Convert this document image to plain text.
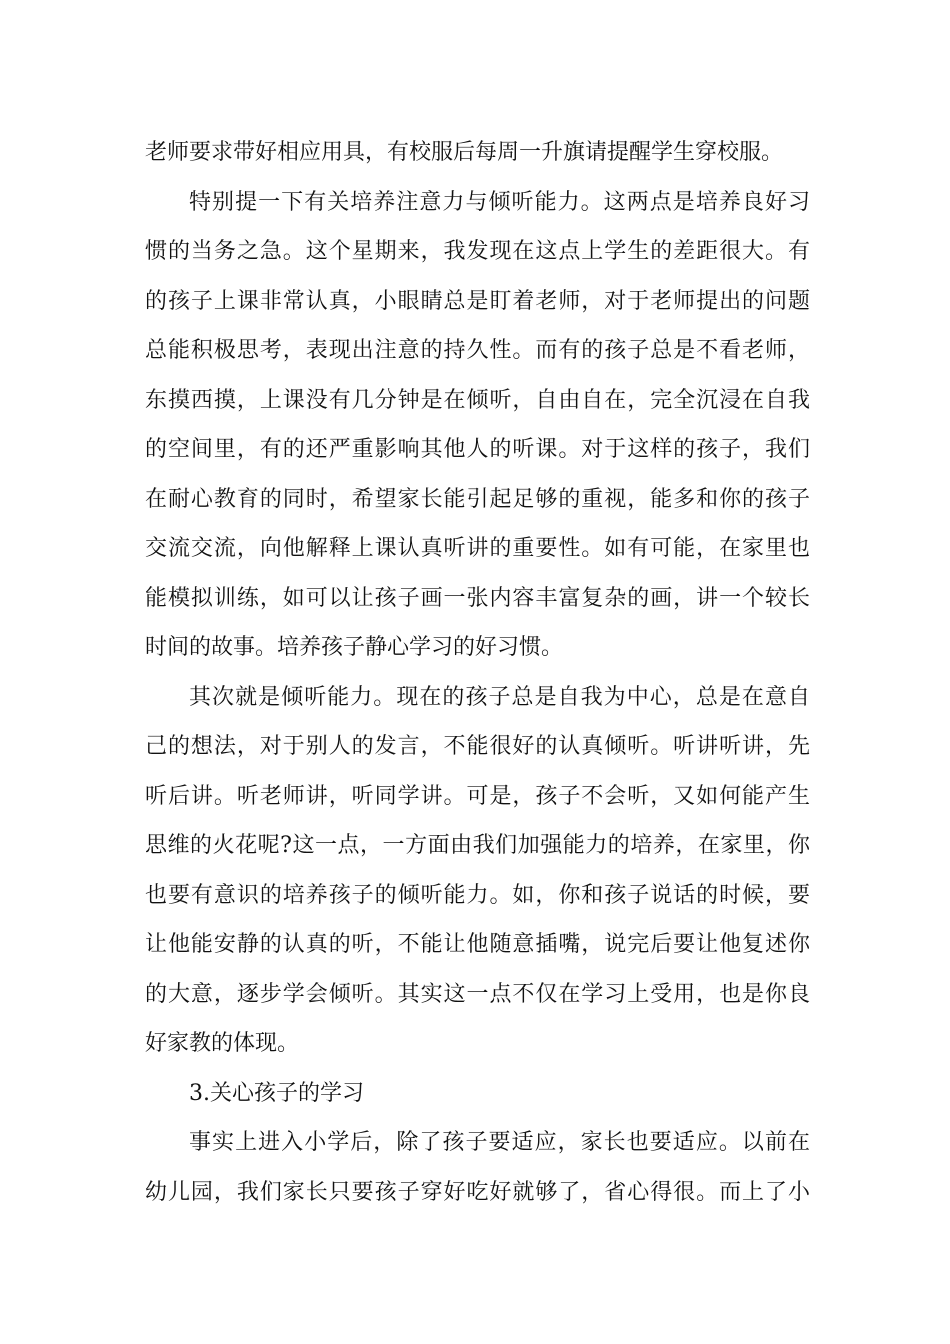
老师要求带好相应用具，有校服后每周一升旗请提醒学生穿校服。
特别提一下有关培养注意力与倾听能力。这两点是培养良好习
惯的当务之急。这个星期来，我发现在这点上学生的差距很大。有
的孩子上课非常认真，小眼睛总是盯着老师，对于老师提出的问题
总能积极思考，表现出注意的持久性。而有的孩子总是不看老师，
东摸西摸，上课没有几分钟是在倾听，自由自在，完全沉浸在自我
的空间里，有的还严重影响其他人的听课。对于这样的孩子，我们
在耐心教育的同时，希望家长能引起足够的重视，能多和你的孩子
交流交流，向他解释上课认真听讲的重要性。如有可能，在家里也
能模拟训练，如可以让孩子画一张内容丰富复杂的画，讲一个较长
时间的故事。培养孩子静心学习的好习惯。
其次就是倾听能力。现在的孩子总是自我为中心，总是在意自
己的想法，对于别人的发言，不能很好的认真倾听。听讲听讲，先
听后讲。听老师讲，听同学讲。可是，孩子不会听，又如何能产生
思维的火花呢?这一点，一方面由我们加强能力的培养，在家里，你
也要有意识的培养孩子的倾听能力。如，你和孩子说话的时候，要
让他能安静的认真的听，不能让他随意插嘴，说完后要让他复述你
的大意，逐步学会倾听。其实这一点不仅在学习上受用，也是你良
好家教的体现。
3.关心孩子的学习
事实上进入小学后，除了孩子要适应，家长也要适应。以前在
幼儿园，我们家长只要孩子穿好吃好就够了，省心得很。而上了小
